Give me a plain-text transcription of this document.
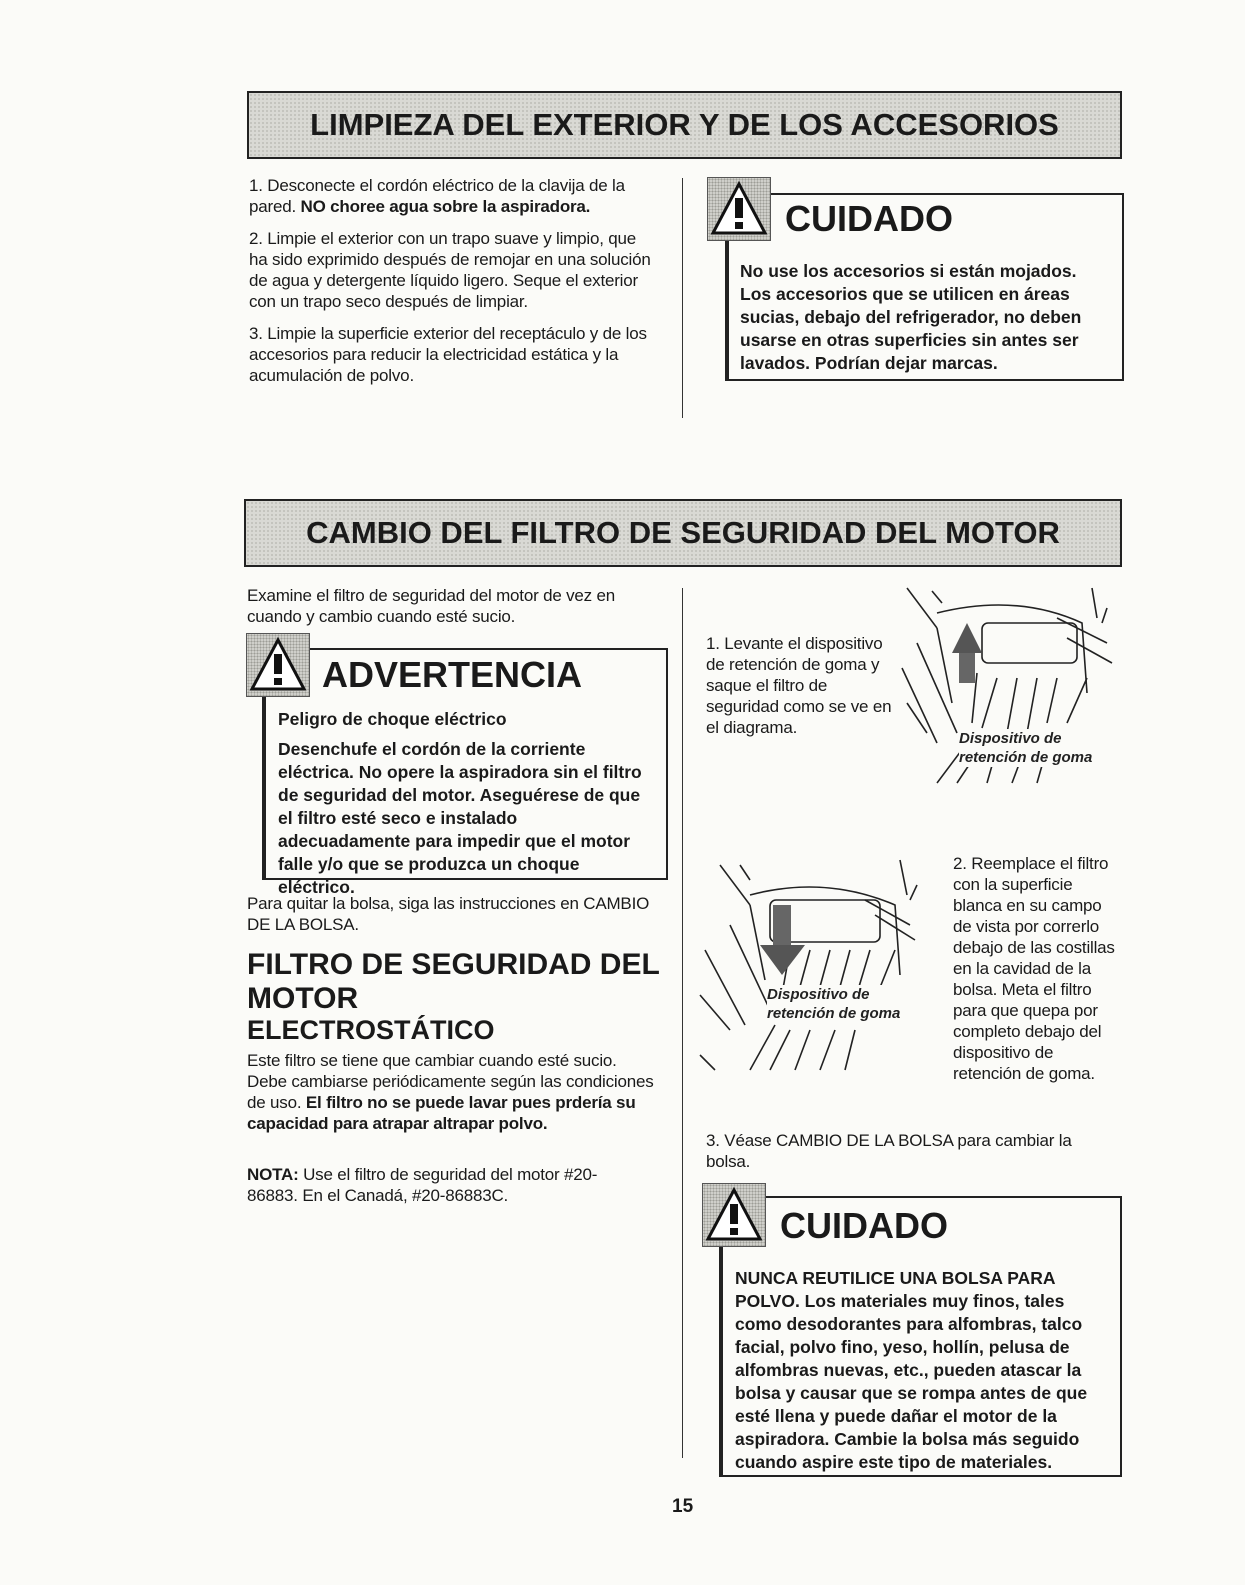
LIMPIEZA DEL EXTERIOR Y DE LOS ACCESORIOS

1. Desconecte el cordón eléctrico de la clavija de la pared. NO choree agua sobre la aspiradora.

2. Limpie el exterior con un trapo suave y limpio, que ha sido exprimido después de remojar en una solución de agua y detergente líquido ligero. Seque el exterior con un trapo seco después de limpiar.

3. Limpie la superficie exterior del receptáculo y de los accesorios para reducir la electricidad estática y la acumulación de polvo.

CUIDADO
No use los accesorios si están mojados. Los accesorios que se utilicen en áreas sucias, debajo del refrigerador, no deben usarse en otras superficies sin antes ser lavados. Podrían dejar marcas.
CAMBIO DEL FILTRO DE SEGURIDAD DEL MOTOR
Examine el filtro de seguridad del motor de vez en cuando y cambio cuando esté sucio.
ADVERTENCIA
Peligro de choque eléctrico
Desenchufe el cordón de la corriente eléctrica. No opere la aspiradora sin el filtro de seguridad del motor. Aseguérese de que el filtro esté seco e instalado adecuadamente para impedir que el motor falle y/o que se produzca un choque eléctrico.
Para quitar la bolsa, siga las instrucciones en CAMBIO DE LA BOLSA.
FILTRO DE SEGURIDAD DEL
MOTOR
ELECTROSTÁTICO
Este filtro se tiene que cambiar cuando esté sucio. Debe cambiarse periódicamente según las condiciones de uso. El filtro no se puede lavar pues prdería su capacidad para atrapar altrapar polvo.
NOTA: Use el filtro de seguridad del motor #20-86883. En el Canadá, #20-86883C.
1. Levante el dispositivo de retención de goma y saque el filtro de seguridad como se ve en el diagrama.
Dispositivo de retención de goma
Dispositivo de retención de goma
2. Reemplace el filtro con la superficie blanca en su campo de vista por correrlo debajo de las costillas en la cavidad de la bolsa. Meta el filtro para que quepa por completo debajo del dispositivo de retención de goma.
3. Véase CAMBIO DE LA BOLSA para cambiar la bolsa.
CUIDADO
NUNCA REUTILICE UNA BOLSA PARA POLVO. Los materiales muy finos, tales como desodorantes para alfombras, talco facial, polvo fino, yeso, hollín, pelusa de alfombras nuevas, etc., pueden atascar la bolsa y causar que se rompa antes de que esté llena y puede dañar el motor de la aspiradora. Cambie la bolsa más seguido cuando aspire este tipo de materiales.
15
